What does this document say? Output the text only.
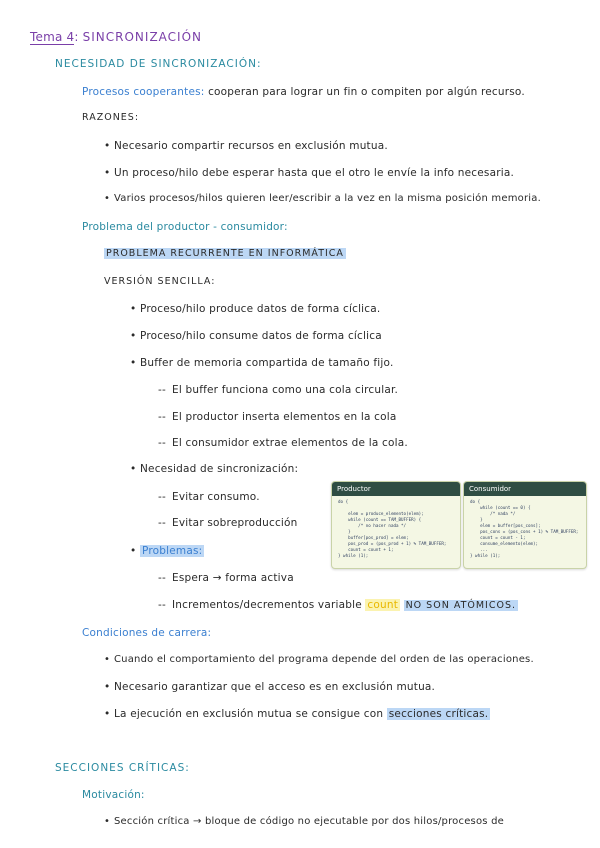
Tema 4: SINCRONIZACIÓN
NECESIDAD DE SINCRONIZACIÓN:
Procesos cooperantes: cooperan para lograr un fin o compiten por algún recurso.
RAZONES:
• Necesario compartir recursos en exclusión mutua.
• Un proceso/hilo debe esperar hasta que el otro le envíe la info necesaria.
• Varios procesos/hilos quieren leer/escribir a la vez en la misma posición memoria.
Problema del productor - consumidor:
PROBLEMA RECURRENTE EN INFORMÁTICA
VERSIÓN SENCILLA:
• Proceso/hilo produce datos de forma cíclica.
• Proceso/hilo consume datos de forma cíclica
• Buffer de memoria compartida de tamaño fijo.
‐‐ El buffer funciona como una cola circular.
‐‐ El productor inserta elementos en la cola
‐‐ El consumidor extrae elementos de la cola.
• Necesidad de sincronización:
‐‐ Evitar consumo.
‐‐ Evitar sobreproducción
• Problemas:
‐‐ Espera → forma activa
‐‐ Incrementos/decrementos variable count NO SON ATÓMICOS.
Productor
do {

elem = produce_elemento(elem);
while (count == TAM_BUFFER) {
/* no hacer nada */
}
buffer[pos_prod] = elem;
pos_prod = (pos_prod + 1) % TAM_BUFFER;
count = count + 1;
} while (1);
Consumidor
do {
while (count == 0) {
/* nada */
}
elem = buffer[pos_cons];
pos_cons = (pos_cons + 1) % TAM_BUFFER;
count = count - 1;
consume_elemento(elem);
...
} while (1);
Condiciones de carrera:
• Cuando el comportamiento del programa depende del orden de las operaciones.
• Necesario garantizar que el acceso es en exclusión mutua.
• La ejecución en exclusión mutua se consigue con secciones críticas.
SECCIONES CRÍTICAS:
Motivación:
• Sección crítica → bloque de código no ejecutable por dos hilos/procesos de
